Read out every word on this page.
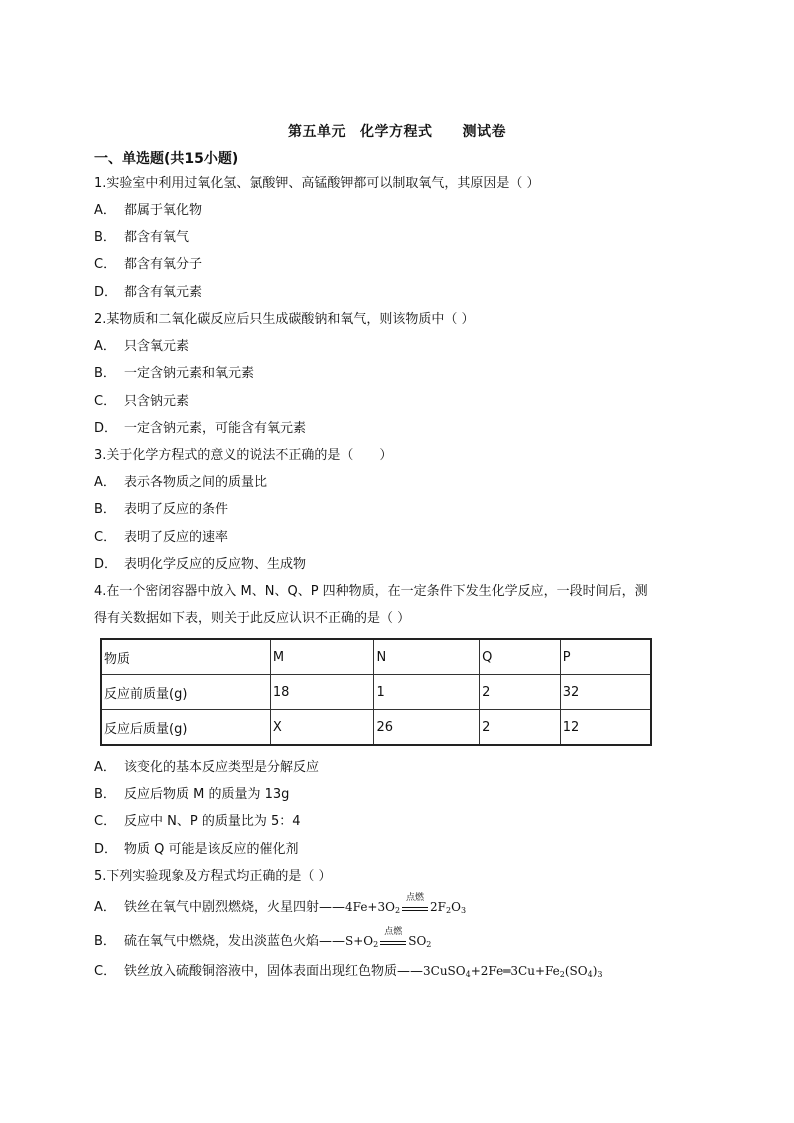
第五单元 化学方程式 测试卷
一、单选题(共15小题)
1.实验室中利用过氧化氢、氯酸钾、高锰酸钾都可以制取氧气，其原因是（ ）
A． 都属于氧化物
B． 都含有氧气
C． 都含有氧分子
D． 都含有氧元素
2.某物质和二氧化碳反应后只生成碳酸钠和氧气，则该物质中（ ）
A． 只含氧元素
B． 一定含钠元素和氧元素
C． 只含钠元素
D． 一定含钠元素，可能含有氧元素
3.关于化学方程式的意义的说法不正确的是（　　）
A． 表示各物质之间的质量比
B． 表明了反应的条件
C． 表明了反应的速率
D． 表明化学反应的反应物、生成物
4.在一个密闭容器中放入 M、N、Q、P 四种物质，在一定条件下发生化学反应，一段时间后，测
得有关数据如下表，则关于此反应认识不正确的是（ ）
物质	M	N	Q	P
反应前质量(g)	18	1	2	32
反应后质量(g)	X	26	2	12
A． 该变化的基本反应类型是分解反应
B． 反应后物质 M 的质量为 13g
C． 反应中 N、P 的质量比为 5：4
D． 物质 Q 可能是该反应的催化剂
5.下列实验现象及方程式均正确的是（ ）
A． 铁丝在氧气中剧烈燃烧，火星四射$——4Fe+3O_2$
点燃
$2F_2O_3$
B． 硫在氧气中燃烧，发出淡蓝色火焰$——S+O_2$
点燃
$SO_2$
C． 铁丝放入硫酸铜溶液中，固体表面出现红色物质$——3CuSO_4+2Fe═3Cu+Fe_2(SO_4)_3$
